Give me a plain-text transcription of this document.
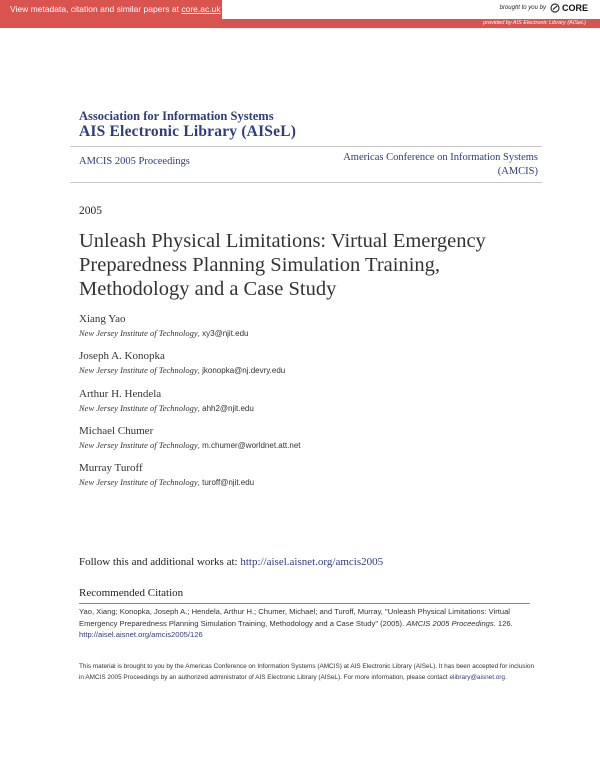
View metadata, citation and similar papers at core.ac.uk	brought to you by CORE
provided by AIS Electronic Library (AISeL)
Association for Information Systems
AIS Electronic Library (AISeL)
AMCIS 2005 Proceedings	Americas Conference on Information Systems
(AMCIS)
2005
Unleash Physical Limitations: Virtual Emergency Preparedness Planning Simulation Training, Methodology and a Case Study
Xiang Yao
New Jersey Institute of Technology, xy3@njit.edu
Joseph A. Konopka
New Jersey Institute of Technology, jkonopka@nj.devry.edu
Arthur H. Hendela
New Jersey Institute of Technology, ahh2@njit.edu
Michael Chumer
New Jersey Institute of Technology, m.chumer@worldnet.att.net
Murray Turoff
New Jersey Institute of Technology, turoff@njit.edu
Follow this and additional works at: http://aisel.aisnet.org/amcis2005
Recommended Citation
Yao, Xiang; Konopka, Joseph A.; Hendela, Arthur H.; Chumer, Michael; and Turoff, Murray, "Unleash Physical Limitations: Virtual Emergency Preparedness Planning Simulation Training, Methodology and a Case Study" (2005). AMCIS 2005 Proceedings. 126.
http://aisel.aisnet.org/amcis2005/126
This material is brought to you by the Americas Conference on Information Systems (AMCIS) at AIS Electronic Library (AISeL). It has been accepted for inclusion in AMCIS 2005 Proceedings by an authorized administrator of AIS Electronic Library (AISeL). For more information, please contact elibrary@aisnet.org.
